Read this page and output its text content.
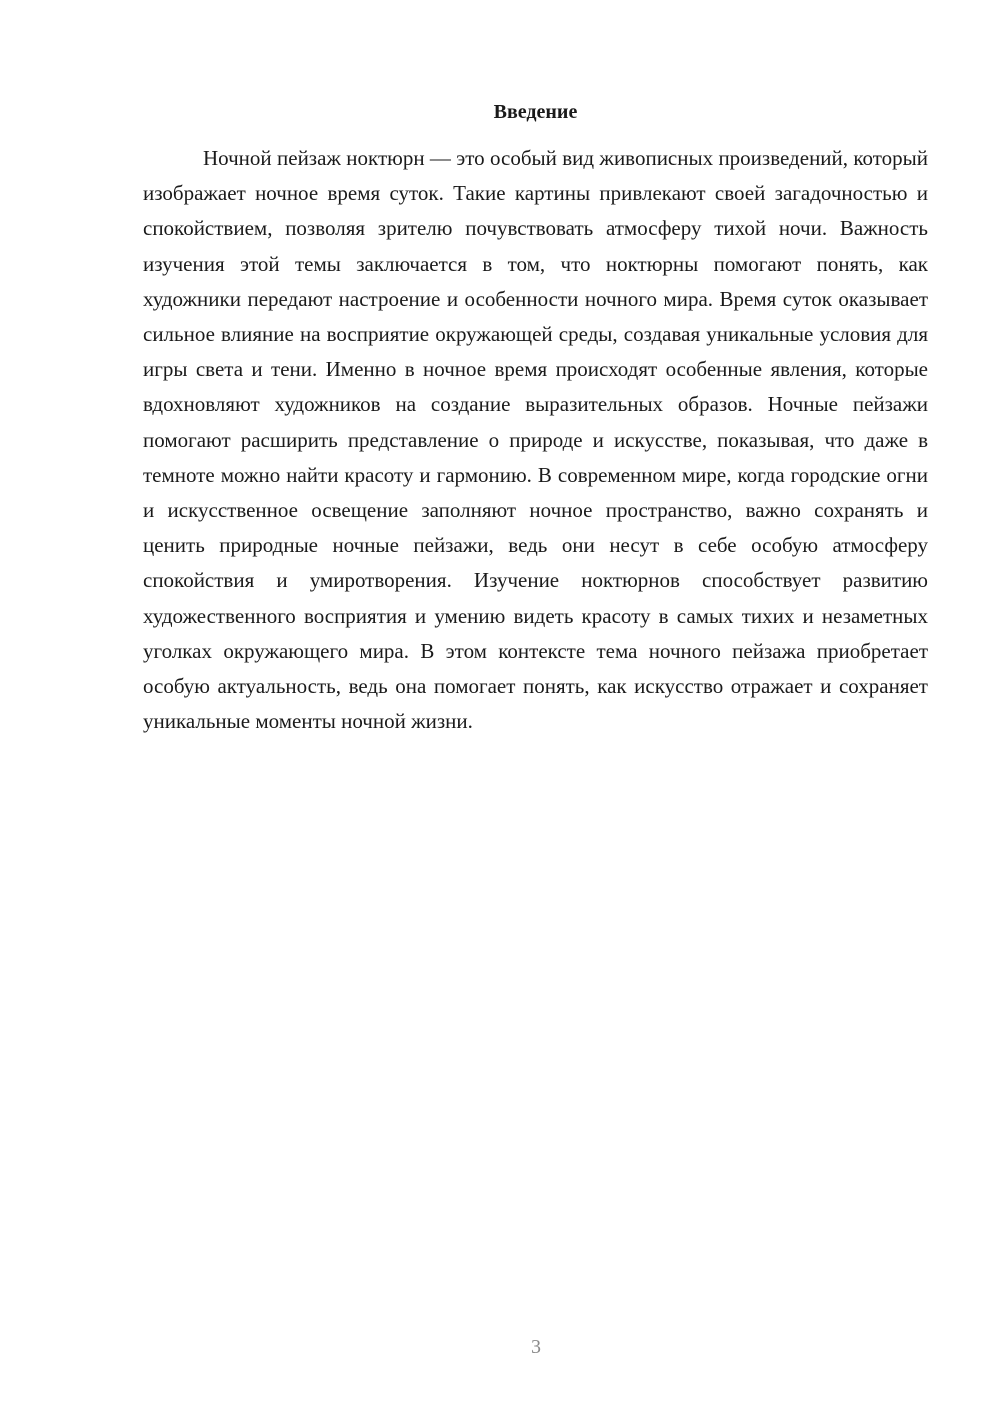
Введение

Ночной пейзаж ноктюрн — это особый вид живописных произведений, который изображает ночное время суток. Такие картины привлекают своей загадочностью и спокойствием, позволяя зрителю почувствовать атмосферу тихой ночи. Важность изучения этой темы заключается в том, что ноктюрны помогают понять, как художники передают настроение и особенности ночного мира. Время суток оказывает сильное влияние на восприятие окружающей среды, создавая уникальные условия для игры света и тени. Именно в ночное время происходят особенные явления, которые вдохновляют художников на создание выразительных образов. Ночные пейзажи помогают расширить представление о природе и искусстве, показывая, что даже в темноте можно найти красоту и гармонию. В современном мире, когда городские огни и искусственное освещение заполняют ночное пространство, важно сохранять и ценить природные ночные пейзажи, ведь они несут в себе особую атмосферу спокойствия и умиротворения. Изучение ноктюрнов способствует развитию художественного восприятия и умению видеть красоту в самых тихих и незаметных уголках окружающего мира. В этом контексте тема ночного пейзажа приобретает особую актуальность, ведь она помогает понять, как искусство отражает и сохраняет уникальные моменты ночной жизни.

3
